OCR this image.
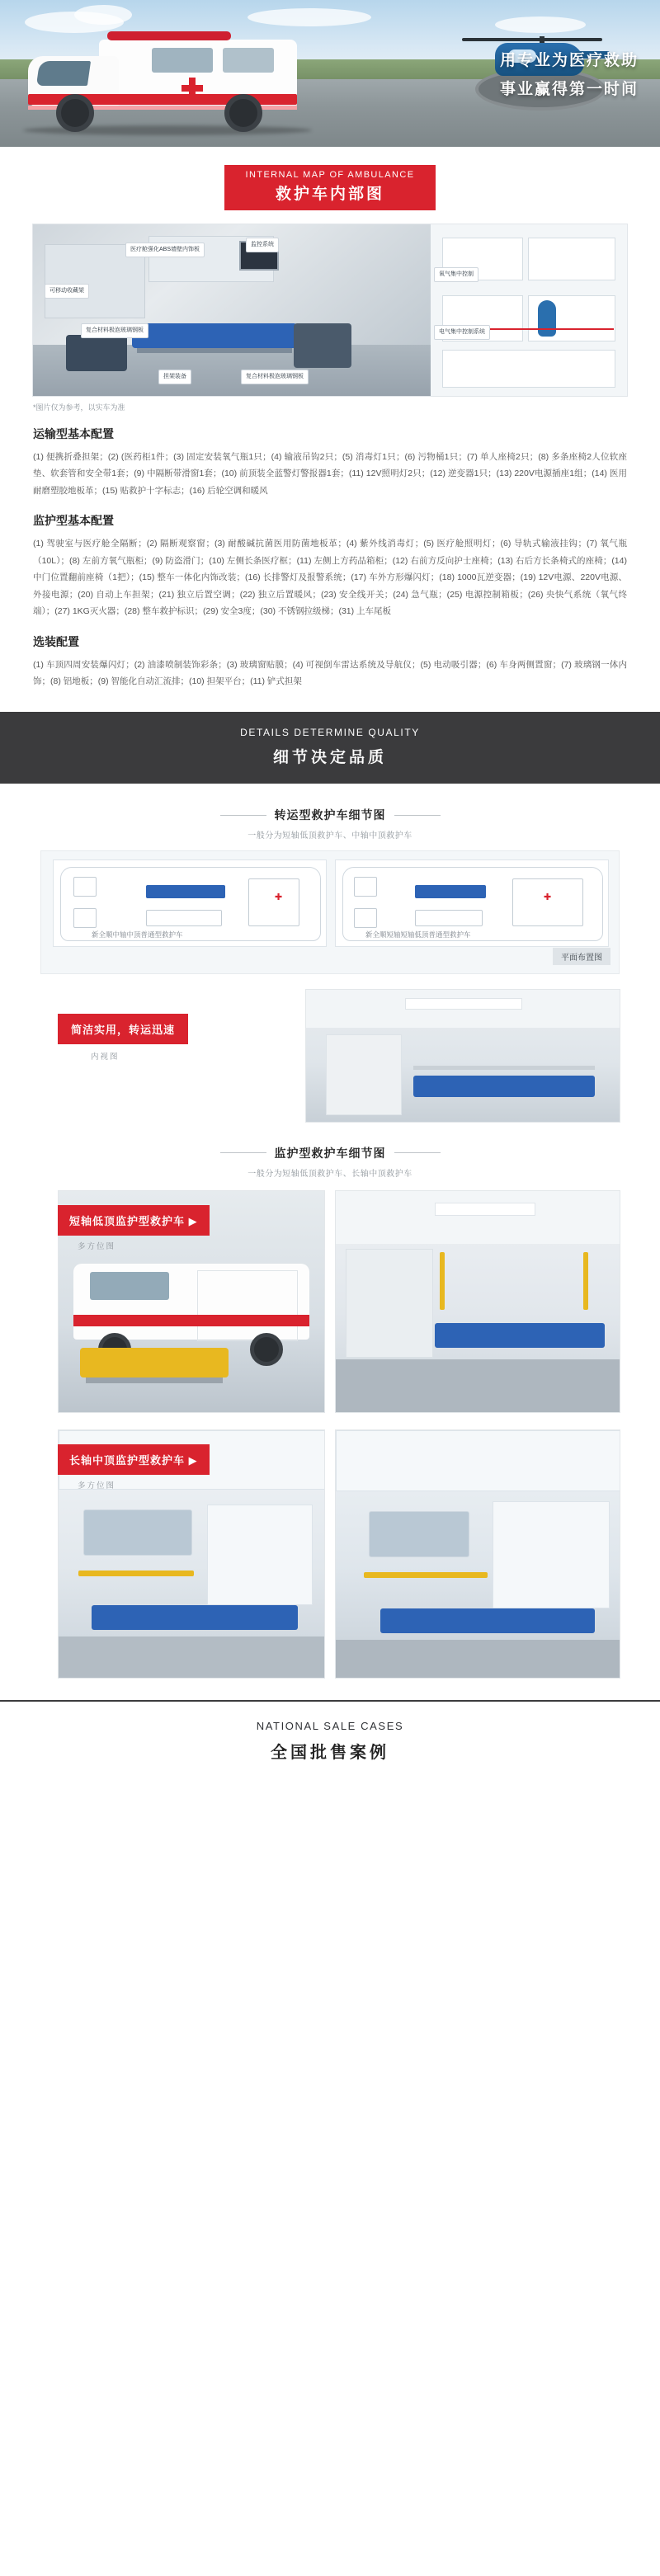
用专业为医疗救助
事业赢得第一时间
INTERNAL MAP OF AMBULANCE
救护车内部图
医疗舱强化ABS墙壁内饰板
监控系统
可移动收藏架
氧气集中控制
复合材料极泡玻璃钢板	电气集中控制系统
担架装备	复合材料极泡玻璃钢板
*图片仅为参考，以实车为准
运输型基本配置

(1) 便携折叠担架；(2) (医药柜1件；(3) 固定安装氧气瓶1只；(4) 输液吊钩2只；(5) 消毒灯1只；(6) 污物桶1只；(7) 单人座椅2只；(8) 多条座椅2人位软座垫、软套管和安全带1套；(9) 中隔断带滑窗1套；(10) 前顶装全蓝警灯警报器1套；(11) 12V照明灯2只；(12) 逆变器1只；(13) 220V电源插座1组；(14) 医用耐磨塑胶地板革；(15) 贴救护十字标志；(16) 后轮空调和暖风

监护型基本配置

(1) 驾驶室与医疗舱全隔断；(2) 隔断观察窗；(3) 耐酸碱抗菌医用防菌地板革；(4) 紫外线消毒灯；(5) 医疗舱照明灯；(6) 导轨式输液挂钩；(7) 氧气瓶（10L）；(8) 左前方氧气瓶柜；(9) 防盗滑门；(10) 左侧长条医疗框；(11) 左侧上方药品箱柜；(12) 右前方反向护士座椅；(13) 右后方长条椅式的座椅；(14) 中门位置翻前座椅（1把）；(15) 整车一体化内饰改装；(16) 长排警灯及报警系统；(17) 车外方形爆闪灯；(18) 1000瓦逆变器；(19) 12V电源、220V电源、外接电源；(20) 自动上车担架；(21) 独立后置空调；(22) 独立后置暖风；(23) 安全线开关；(24) 急气瓶；(25) 电源控制箱板；(26) 央快气系统（氧气终端）；(27) 1KG灭火器；(28) 整车救护标识；(29) 安全3度；(30) 不锈钢拉级梯；(31) 上车尾板

选装配置

(1) 车顶四周安装爆闪灯；(2) 油漆喷制装饰彩条；(3) 玻璃窗贴膜；(4) 可视倒车雷达系统及导航仪；(5) 电动吸引器；(6) 车身两侧置窗；(7) 玻璃钢一体内饰；(8) 铝地板；(9) 智能化自动汇流排；(10) 担架平台；(11) 铲式担架

DETAILS DETERMINE QUALITY
细节决定品质
转运型救护车细节图
一般分为短轴低顶救护车、中轴中顶救护车
✚
新全顺中轴中顶普通型救护车
✚
新全顺短轴短轴低顶普通型救护车
平面布置图
简洁实用，转运迅速
内视图
监护型救护车细节图
一般分为短轴低顶救护车、长轴中顶救护车
短轴低顶监护型救护车 ▶
多方位图
长轴中顶监护型救护车 ▶
多方位图
NATIONAL SALE CASES
全国批售案例
